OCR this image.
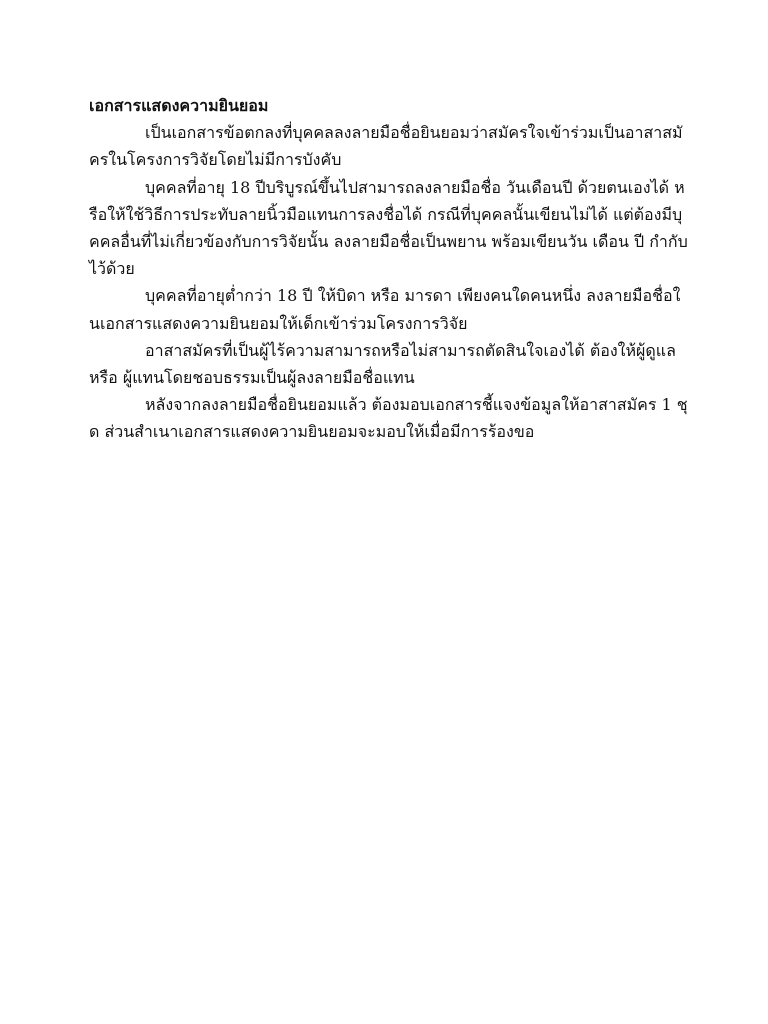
เอกสารแสดงความยินยอม

เป็นเอกสารข้อตกลงที่บุคคลลงลายมือชื่อยินยอมว่าสมัครใจเข้าร่วมเป็นอาสาสมัครในโครงการวิจัยโดยไม่มีการบังคับ

บุคคลที่อายุ 18 ปีบริบูรณ์ขึ้นไปสามารถลงลายมือชื่อ วันเดือนปี ด้วยตนเองได้ หรือให้ใช้วิธีการประทับลายนิ้วมือแทนการลงชื่อได้ กรณีที่บุคคลนั้นเขียนไม่ได้ แต่ต้องมีบุคคลอื่นที่ไม่เกี่ยวข้องกับการวิจัยนั้น ลงลายมือชื่อเป็นพยาน พร้อมเขียนวัน เดือน ปี กำกับไว้ด้วย

บุคคลที่อายุต่ำกว่า 18 ปี ให้บิดา หรือ มารดา เพียงคนใดคนหนึ่ง ลงลายมือชื่อในเอกสารแสดงความยินยอมให้เด็กเข้าร่วมโครงการวิจัย

อาสาสมัครที่เป็นผู้ไร้ความสามารถหรือไม่สามารถตัดสินใจเองได้ ต้องให้ผู้ดูแล หรือ ผู้แทนโดยชอบธรรมเป็นผู้ลงลายมือชื่อแทน

หลังจากลงลายมือชื่อยินยอมแล้ว ต้องมอบเอกสารชี้แจงข้อมูลให้อาสาสมัคร 1 ชุด ส่วนสำเนาเอกสารแสดงความยินยอมจะมอบให้เมื่อมีการร้องขอ
